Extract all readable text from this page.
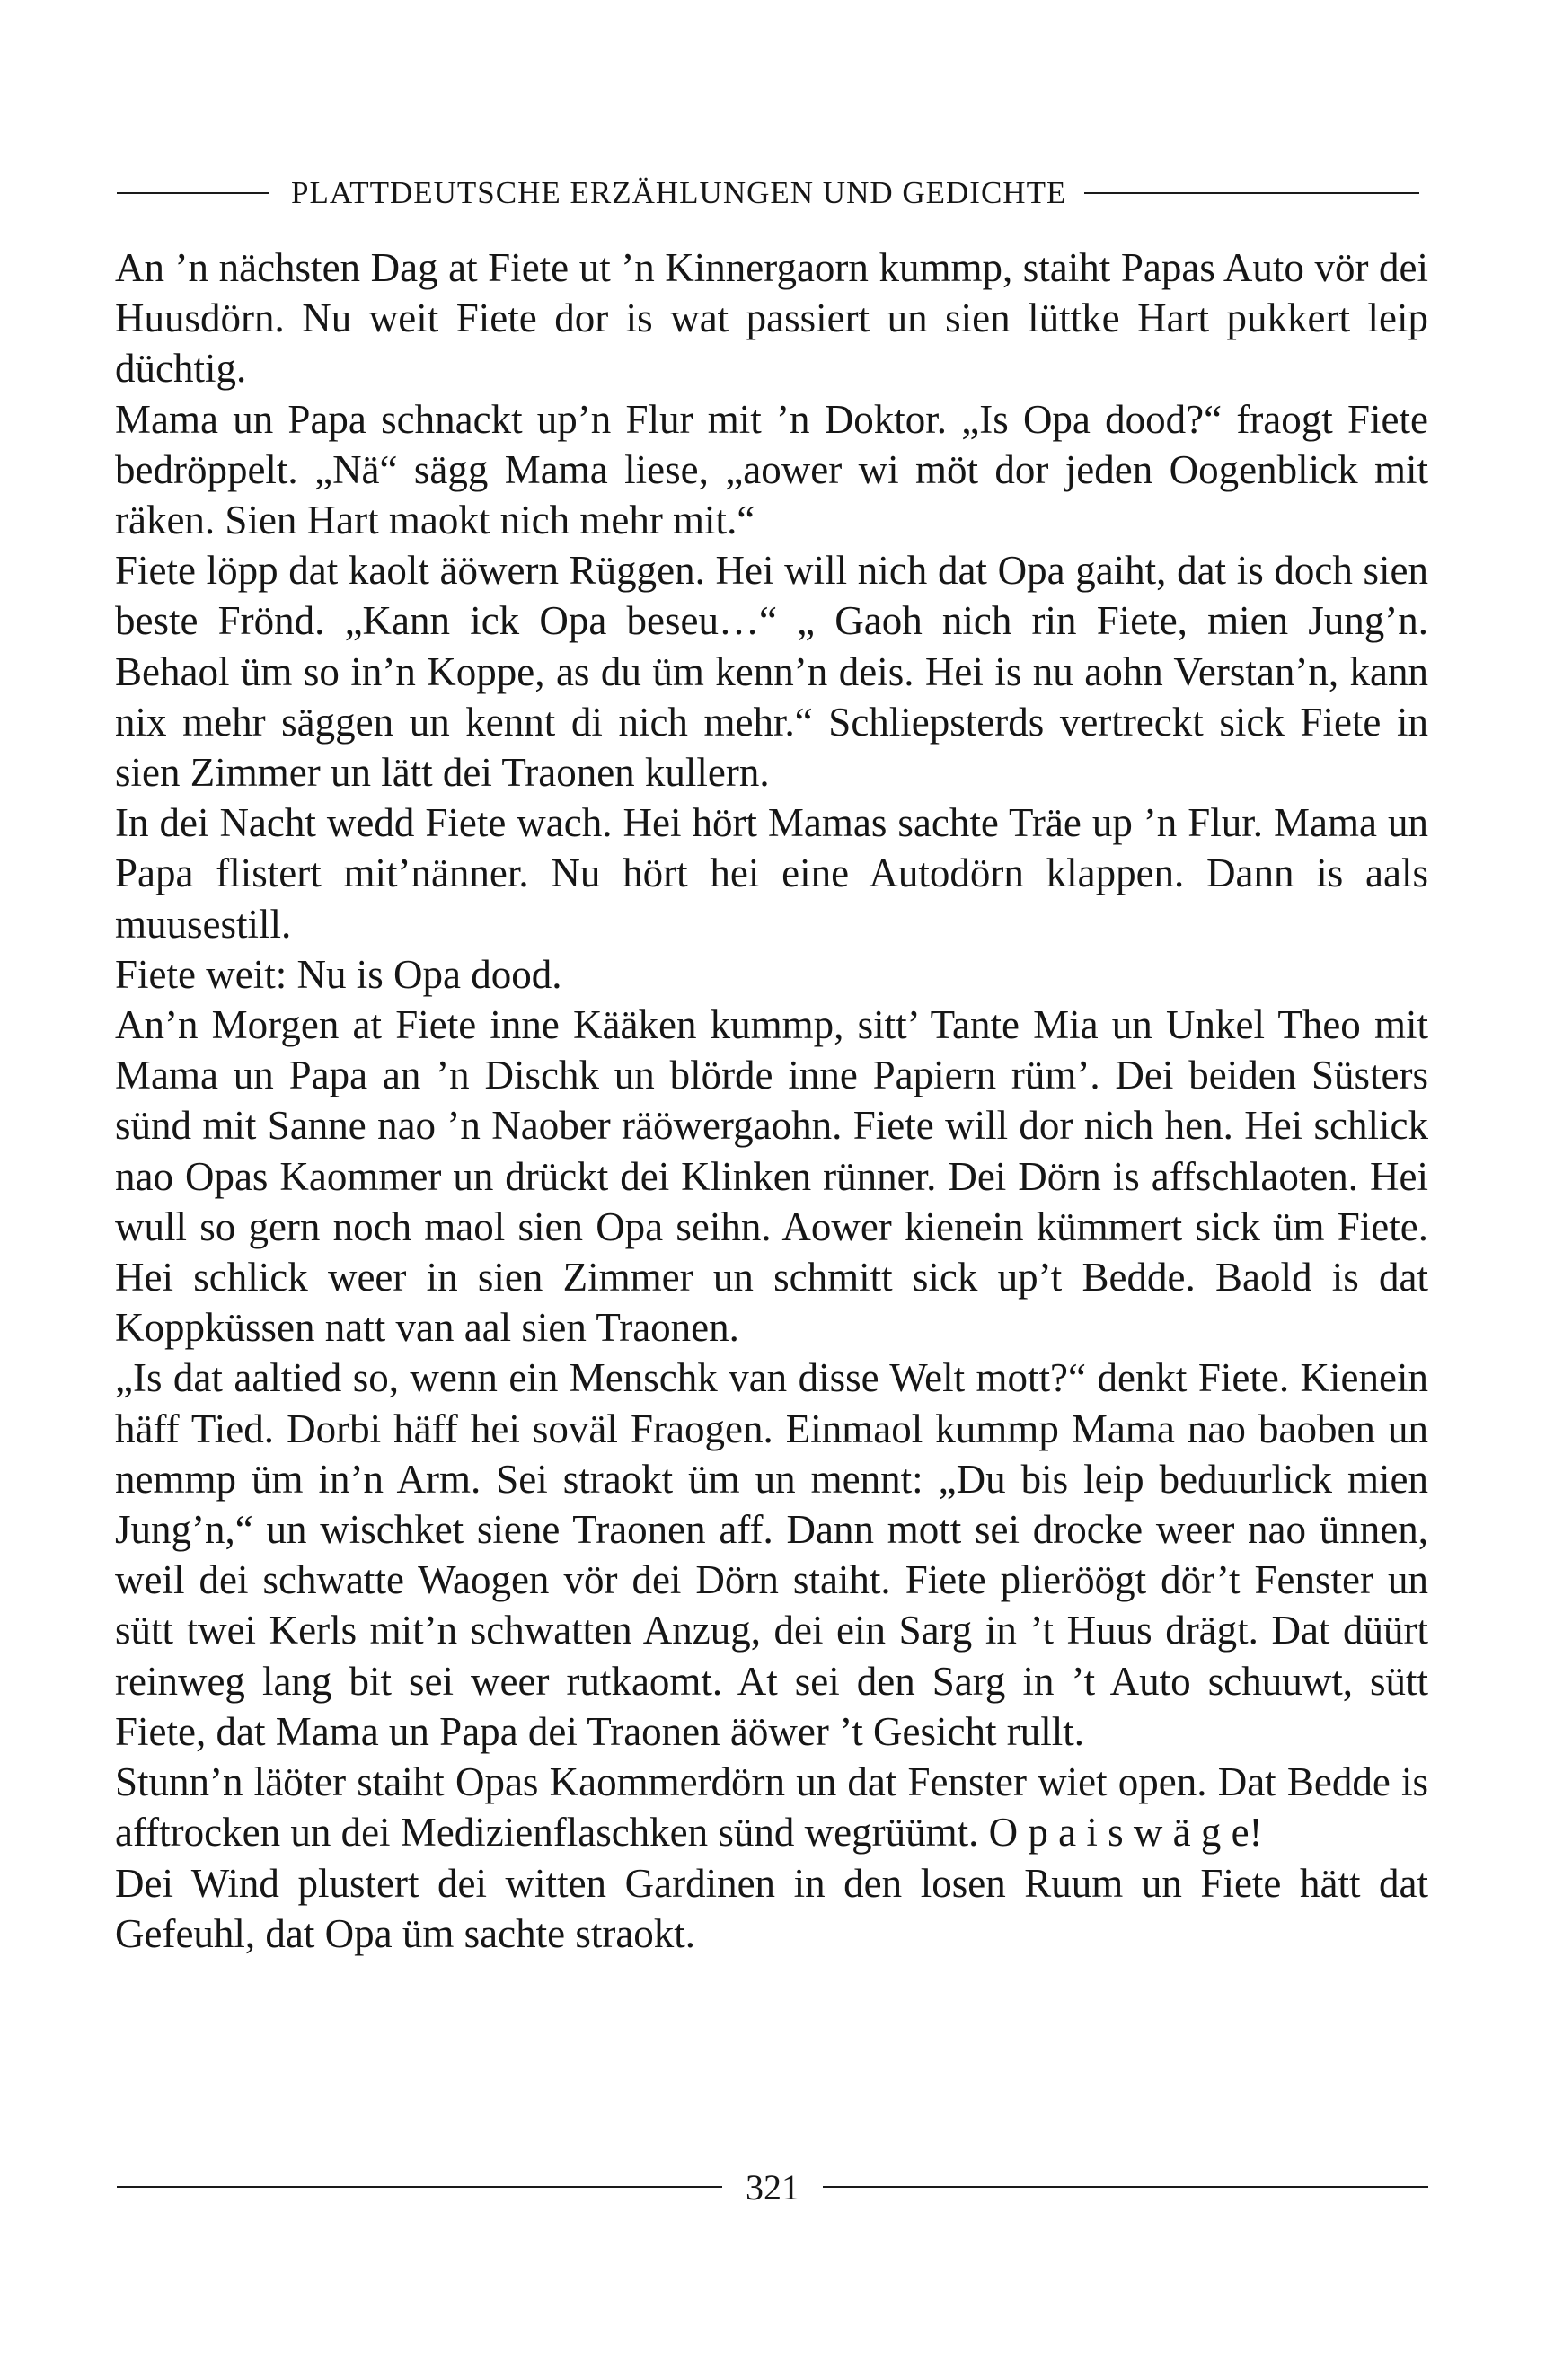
PLATTDEUTSCHE ERZÄHLUNGEN UND GEDICHTE

An ’n nächsten Dag at Fiete ut ’n Kinnergaorn kummp, staiht Papas Auto vör dei Huusdörn. Nu weit Fiete dor is wat passiert un sien lüttke Hart pukkert leip düchtig.

Mama un Papa schnackt up’n Flur mit ’n Doktor. „Is Opa dood?“ fraogt Fiete bedröppelt. „Nä“ sägg Mama liese, „aower wi möt dor jeden Oogenblick mit räken. Sien Hart maokt nich mehr mit.“

Fiete löpp dat kaolt äöwern Rüggen. Hei will nich dat Opa gaiht, dat is doch sien beste Frönd. „Kann ick Opa beseu…“ „ Gaoh nich rin Fiete, mien Jung’n. Behaol üm so in’n Koppe, as du üm kenn’n deis. Hei is nu aohn Verstan’n, kann nix mehr säggen un kennt di nich mehr.“ Schliepsterds vertreckt sick Fiete in sien Zimmer un lätt dei Traonen kullern.

In dei Nacht wedd Fiete wach. Hei hört Mamas sachte Träe up ’n Flur. Mama un Papa flistert mit’nänner. Nu hört hei eine Autodörn klappen. Dann is aals muusestill.

Fiete weit: Nu is Opa dood.

An’n Morgen at Fiete inne Kääken kummp, sitt’ Tante Mia un Unkel Theo mit Mama un Papa an ’n Dischk un blörde inne Papiern rüm’. Dei beiden Süsters sünd mit Sanne nao ’n Naober räöwergaohn. Fiete will dor nich hen. Hei schlick nao Opas Kaommer un drückt dei Klinken rünner. Dei Dörn is affschlaoten. Hei wull so gern noch maol sien Opa seihn. Aower kienein kümmert sick üm Fiete. Hei schlick weer in sien Zimmer un schmitt sick up’t Bedde. Baold is dat Koppküssen natt van aal sien Traonen.

„Is dat aaltied so, wenn ein Menschk van disse Welt mott?“ denkt Fiete. Kienein häff Tied. Dorbi häff hei soväl Fraogen. Einmaol kummp Mama nao baoben un nemmp üm in’n Arm. Sei straokt üm un mennt: „Du bis leip beduurlick mien Jung’n,“ un wischket siene Traonen aff. Dann mott sei drocke weer nao ünnen, weil dei schwatte Waogen vör dei Dörn staiht. Fiete plieröögt dör’t Fenster un sütt twei Kerls mit’n schwatten Anzug, dei ein Sarg in ’t Huus drägt. Dat düürt reinweg lang bit sei weer rutkaomt. At sei den Sarg in ’t Auto schuuwt, sütt Fiete, dat Mama un Papa dei Traonen äöwer ’t Gesicht rullt.

Stunn’n läöter staiht Opas Kaommerdörn un dat Fenster wiet open. Dat Bedde is afftrocken un dei Medizienflaschken sünd wegrüümt. O p a i s w ä g e!

Dei Wind plustert dei witten Gardinen in den losen Ruum un Fiete hätt dat Gefeuhl, dat Opa üm sachte straokt.

321
